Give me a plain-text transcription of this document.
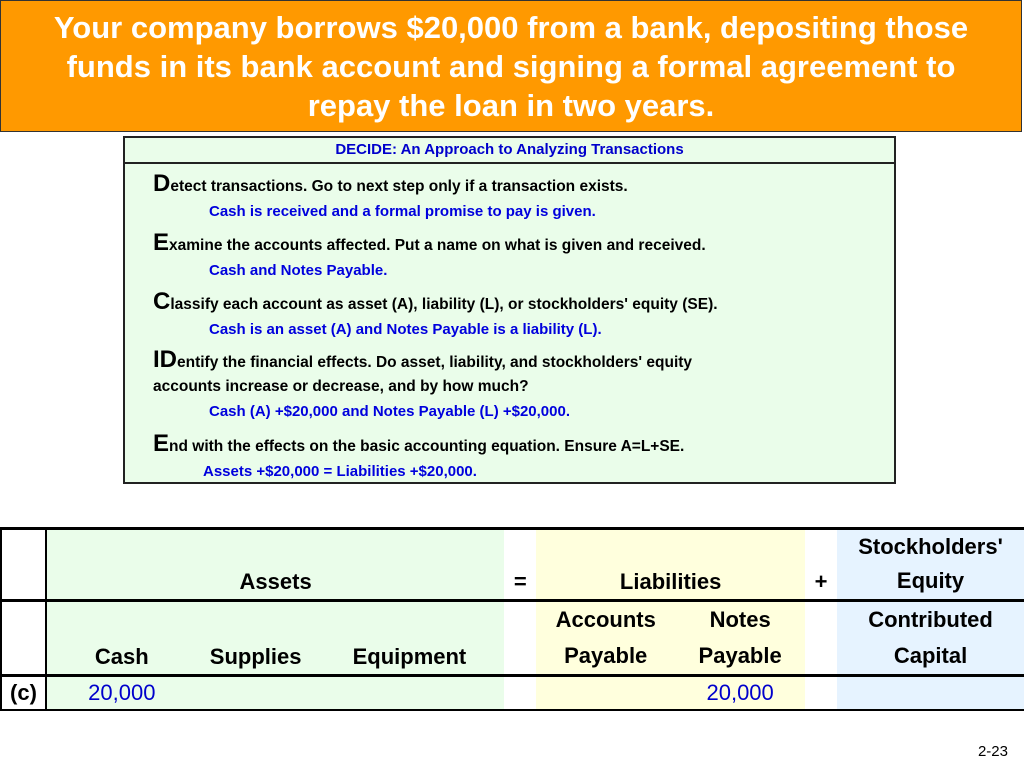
Your company borrows $20,000 from a bank, depositing those funds in its bank account and signing a formal agreement to repay the loan in two years.
DECIDE: An Approach to Analyzing Transactions
Detect transactions. Go to next step only if a transaction exists.
Cash is received and a formal promise to pay is given.
Examine the accounts affected. Put a name on what is given and received.
Cash and Notes Payable.
Classify each account as asset (A), liability (L), or stockholders' equity (SE).
Cash is an asset (A) and Notes Payable is a liability (L).
IDentify the financial effects. Do asset, liability, and stockholders' equity
accounts increase or decrease, and by how much?
Cash (A) +$20,000 and Notes Payable (L) +$20,000.
End with the effects on the basic accounting equation. Ensure A=L+SE.
Assets +$20,000 = Liabilities +$20,000.
	Assets			=	Liabilities		+	Stockholders' Equity
	Cash	Supplies	Equipment		Accounts Payable	Notes Payable		Contributed Capital
(c)	20,000					20,000		
2-23
